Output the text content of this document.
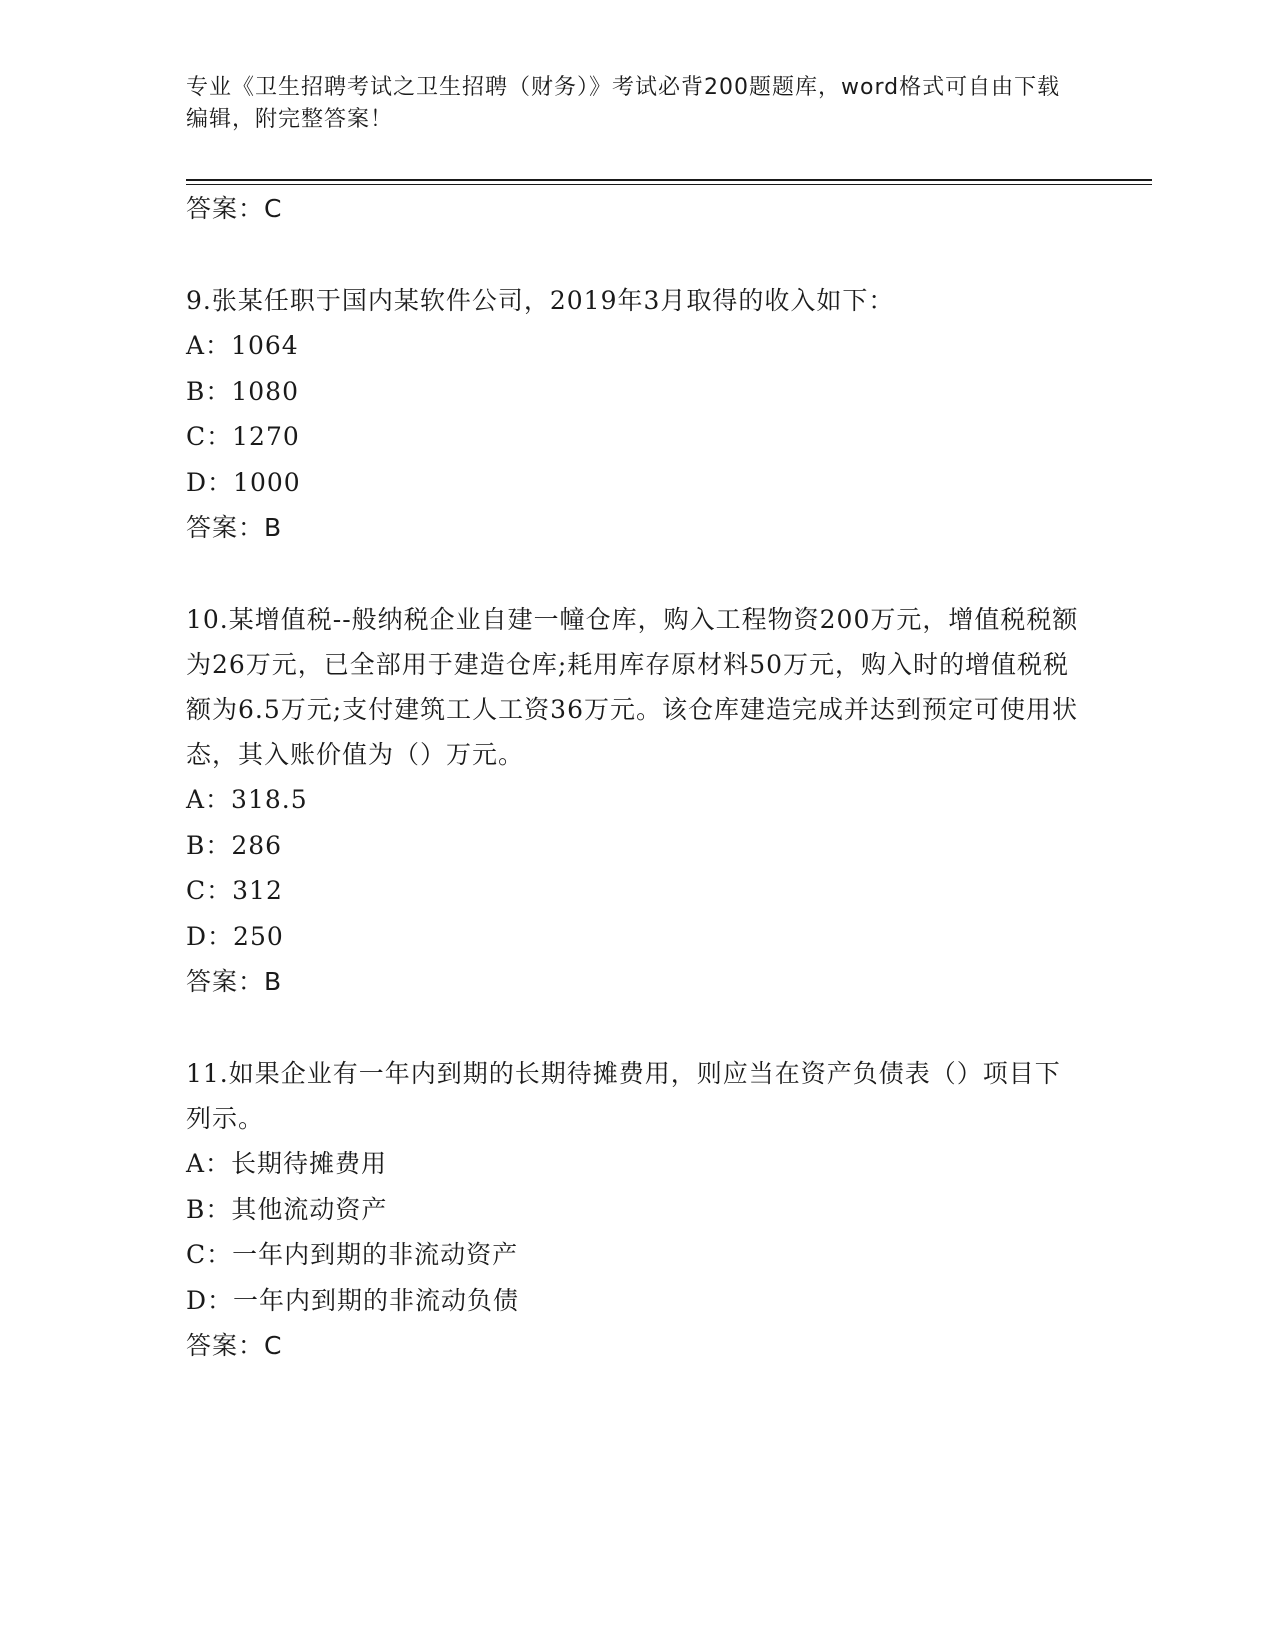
专业《卫生招聘考试之卫生招聘（财务）》考试必背200题题库，word格式可自由下载编辑，附完整答案！
答案：C
9.张某任职于国内某软件公司，2019年3月取得的收入如下：
A：1064
B：1080
C：1270
D：1000
答案：B
10.某增值税--般纳税企业自建一幢仓库，购入工程物资200万元，增值税税额为26万元，已全部用于建造仓库;耗用库存原材料50万元，购入时的增值税税额为6.5万元;支付建筑工人工资36万元。该仓库建造完成并达到预定可使用状态，其入账价值为（）万元。
A：318.5
B：286
C：312
D：250
答案：B
11.如果企业有一年内到期的长期待摊费用，则应当在资产负债表（）项目下列示。
A：长期待摊费用
B：其他流动资产
C：一年内到期的非流动资产
D：一年内到期的非流动负债
答案：C
